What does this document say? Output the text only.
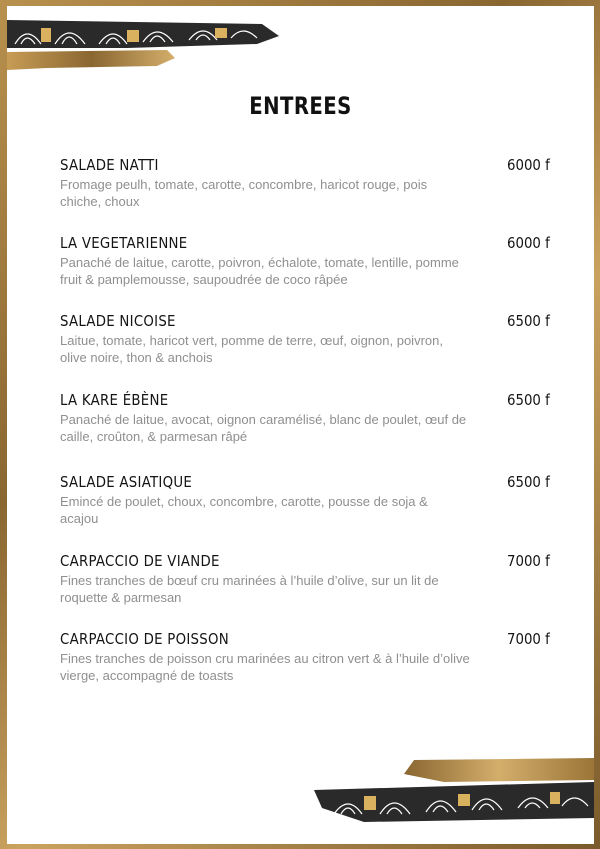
ENTREES
SALADE NATTI	6000 f
Fromage peulh, tomate, carotte, concombre, haricot rouge, pois chiche, choux
LA VEGETARIENNE	6000 f
Panaché de laitue, carotte, poivron, échalote, tomate, lentille, pomme fruit & pamplemousse, saupoudrée de coco râpée
SALADE NICOISE	6500 f
Laitue, tomate, haricot vert, pomme de terre, œuf, oignon, poivron, olive noire, thon & anchois
LA KARE ÉBÈNE	6500 f
Panaché de laitue, avocat, oignon caramélisé, blanc de poulet, œuf de caille, croûton, & parmesan râpé
SALADE ASIATIQUE	6500 f
Emincé de poulet, choux, concombre, carotte, pousse de soja & acajou
CARPACCIO DE VIANDE	7000 f
Fines tranches de bœuf cru marinées à l’huile d’olive, sur un lit de roquette & parmesan
CARPACCIO DE POISSON	7000 f
Fines tranches de poisson cru marinées au citron vert & à l’huile d’olive vierge, accompagné de toasts
